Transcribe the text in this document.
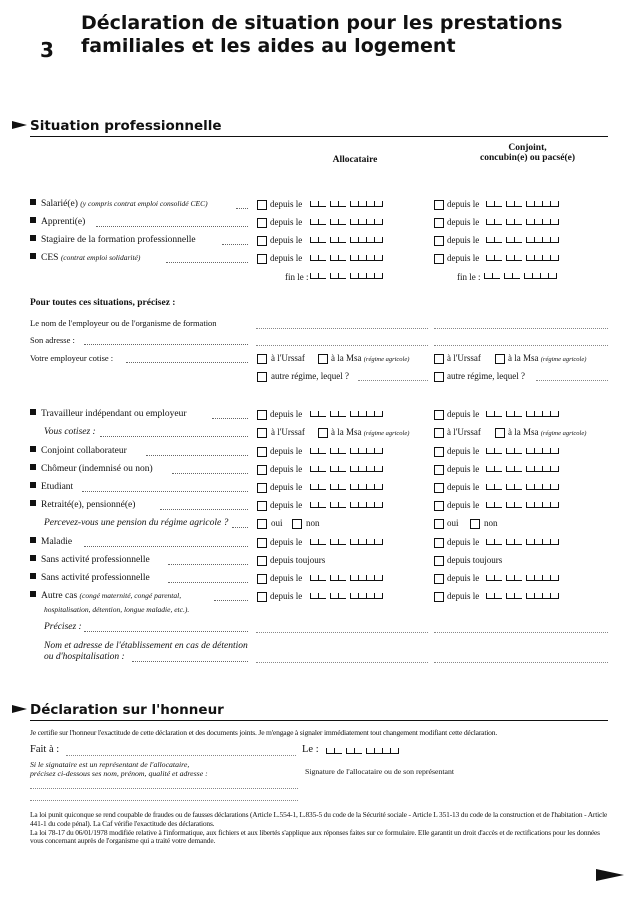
3
Déclaration de situation pour les prestations
familiales et les aides au logement
Situation professionnelle
Allocataire
Conjoint,
concubin(e) ou pacsé(e)
Salarié(e) (y compris contrat emploi consolidé CEC)	depuis le	depuis le
Apprenti(e)	depuis le	depuis le
Stagiaire de la formation professionnelle	depuis le	depuis le
CES (contrat emploi solidarité)	depuis le	depuis le
fin le :	fin le :
Pour toutes ces situations, précisez :
Le nom de l'employeur ou de l'organisme de formation
Son adresse :
Votre employeur cotise :	à l'Urssaf	à la Msa (régime agricole)	à l'Urssaf	à la Msa (régime agricole)
autre régime, lequel ?	autre régime, lequel ?
Travailleur indépendant ou employeur	depuis le	depuis le
Vous cotisez :	à l'Urssaf	à la Msa (régime agricole)	à l'Urssaf	à la Msa (régime agricole)
Conjoint collaborateur	depuis le	depuis le
Chômeur (indemnisé ou non)	depuis le	depuis le
Etudiant	depuis le	depuis le
Retraité(e), pensionné(e)	depuis le	depuis le
Percevez-vous une pension du régime agricole ?	oui	non	oui	non
Maladie	depuis le	depuis le
Sans activité professionnelle	depuis toujours	depuis toujours
Sans activité professionnelle	depuis le	depuis le
Autre cas (congé maternité, congé parental,	depuis le	depuis le
hospitalisation, détention, longue maladie, etc.).
Précisez :
Nom et adresse de l'établissement en cas de détention
ou d'hospitalisation :
Déclaration sur l'honneur
Je certifie sur l'honneur l'exactitude de cette déclaration et des documents joints. Je m'engage à signaler immédiatement tout changement modifiant cette déclaration.
Fait à :	Le :
Si le signataire est un représentant de l'allocataire,
précisez ci-dessous ses nom, prénom, qualité et adresse :	Signature de l'allocataire ou de son représentant
La loi punit quiconque se rend coupable de fraudes ou de fausses déclarations (Article L.554-1, L.835-5 du code de la Sécurité sociale - Article L 351-13 du code de la construction et de l'habitation - Article 441-1 du code pénal). La Caf vérifie l'exactitude des déclarations.
La loi 78-17 du 06/01/1978 modifiée relative à l'informatique, aux fichiers et aux libertés s'applique aux réponses faites sur ce formulaire. Elle garantit un droit d'accès et de rectifications pour les données vous concernant auprès de l'organisme qui a traité votre demande.
